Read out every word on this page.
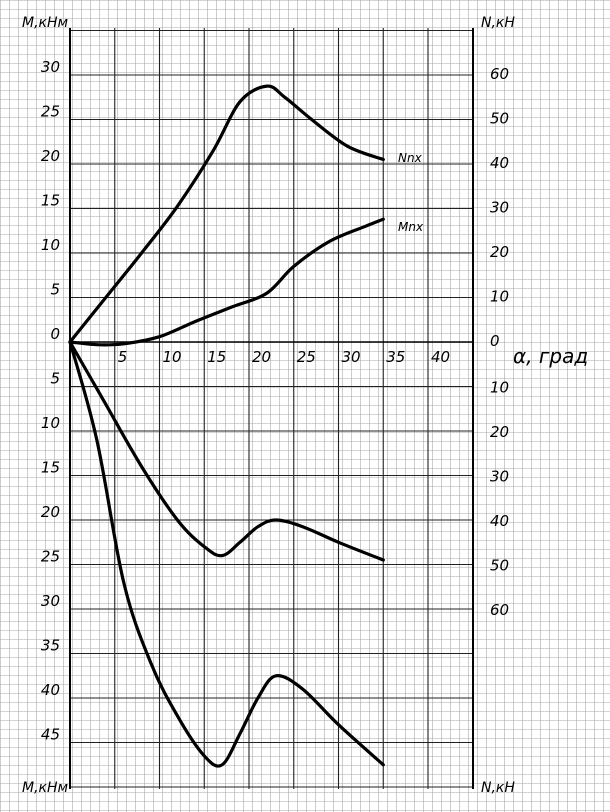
30
25
20
15
10
5
0
5
10
15
20
25
30
35
40
45
60
50
40
30
20
10
0
10
20
30
40
50
60
5 10 15 20 25 30 35 40
M,кНм
M,кНм
N,кН
N,кН
α, град
Nnx
Mnx
